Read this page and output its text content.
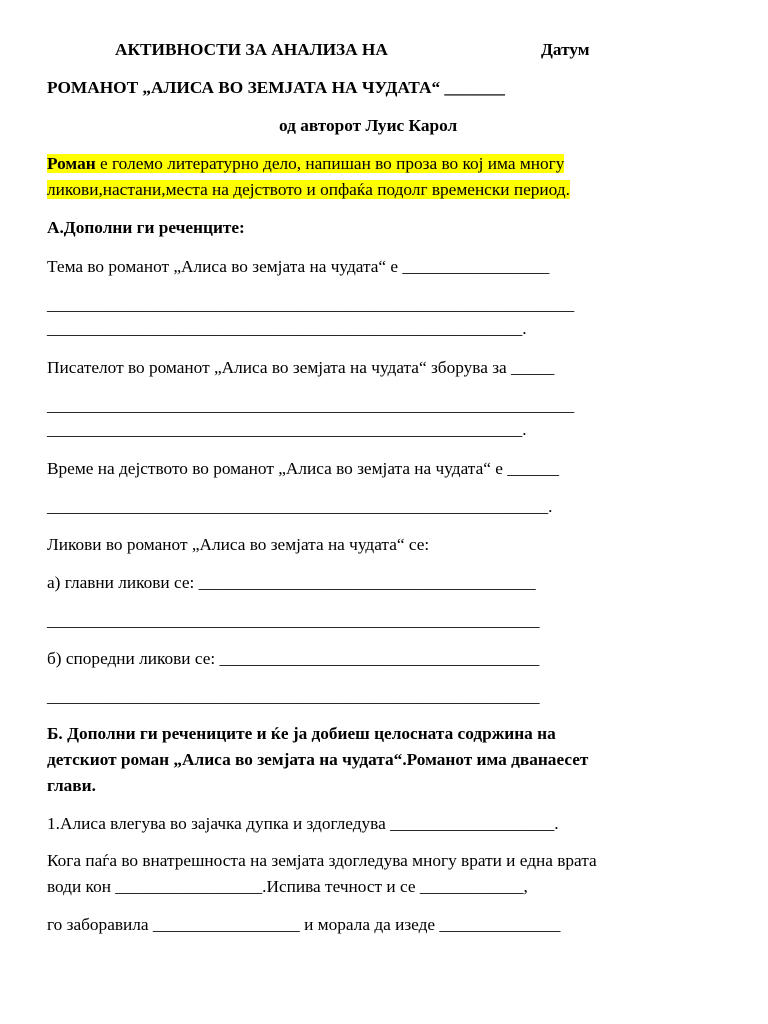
АКТИВНОСТИ ЗА АНАЛИЗА НА	Датум
РОМАНОТ „АЛИСА ВО ЗЕМЈАТА НА ЧУДАТА“ _______
од авторот Луис Карол
Роман е големо литературно дело, напишан во проза во кој има многу
ликови,настани,места на дејството и опфаќа подолг временски период.
А.Дополни ги реченците:
Тема во романот „Алиса во земјата на чудата“ е _________________
_____________________________________________________________
_______________________________________________________.
Писателот во романот „Алиса во земјата на чудата“ зборува за _____
_____________________________________________________________
_______________________________________________________.
Време на дејството во романот „Алиса во земјата на чудата“ е ______
__________________________________________________________.
Ликови во романот „Алиса во земјата на чудата“ се:
а) главни ликови се: _______________________________________
_________________________________________________________
б) споредни ликови се: _____________________________________
_________________________________________________________
Б. Дополни ги речениците и ќе ја добиеш целосната содржина на
детскиот роман „Алиса во земјата на чудата“.Романот има дванаесет
глави.
1.Алиса влегува во зајачка дупка и здогледува ___________________.
Кога паѓа во внатрешноста на земјата здогледува многу врати и една врата
води кон _________________.Испива течност и се ____________,
го заборавила _________________ и морала да изеде ______________
